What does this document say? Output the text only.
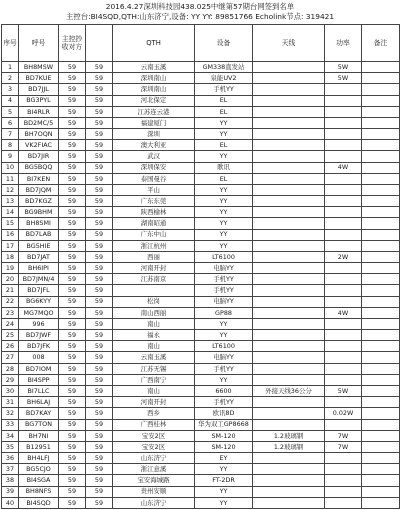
2016.4.27深圳科技园438.025中继第57期台网签到名单
主控台:BI4SQD,QTH:山东济宁,设备: YY YY: 89851766 Echolink节点: 319421
序号	呼号	主控抄收对方		QTH	设备	天线	功率	备注
1	BH8MSW	59	59	云南玉溪	GM338直发站		5W	
2	BD7KUE	59	59	深圳南山	泉能UV2		5W	
3	BD7JJL	59	59	深圳南山	手机YY			
4	BG3PYL	59	59	河北保定	EL			
5	BI4RLR	59	59	江苏连云港	EL			
6	BD2MC/5	59	59	福建厦门	YY			
7	BH7OQN	59	59	深圳	YY			
8	VK2FIAC	59	59	澳大利亚	EL			
9	BD7JIR	59	59	武汉	YY			
10	BG5BQQ	59	59	深圳保安	歌讯		4W	
11	BI7KEN	59	59	泰国曼谷	EL			
12	BD7JQM	59	59	平山	YY			
13	BD7KGZ	59	59	广东东莞	YY			
14	BG9BHM	59	59	陕西榆林	YY			
15	BH8SMI	59	59	湖南昭通	YY			
16	BD7LAB	59	59	广东中山	YY			
17	BG5HIE	59	59	浙江杭州	YY			
18	BD7JAT	59	59	西丽	LT6100		2W	
19	BH6IPI	59	59	河南开封	电脑YY			
20	BD7JMN/4	59	59	江苏南京	手机YY			
21	BD7JFL	59	59		手机YY			
22	BG6KYY	59	59	松岗	电脑YY			
23	MG7MQO	59	59	南山西丽	GP88		4W	
24	996	59	59	南山	YY			
25	BD7JWF	59	59	福永	YY			
26	BD7JFK	59	59	南山	LT6100			
27	008	59	59	云南玉溪	电脑YY			
28	BD7IOM	59	59	江苏无锡	手机YY			
29	BI4SPP	59	59	广西南宁	YY			
30	BI7LLC	59	59	南山	6600	外接天线36公分	5W	
31	BH6LAJ	59	59	河南开封	手机YY			
32	BD7KAY	59	59	西乡	欧讯8D		0.02W	
33	BG7TON	59	59	广西桂林	华为双工GP8668			
34	BH7NI	59	59	宝安2区	SM-120	1.2玻璃钢	7W	
35	B12951	59	59	宝安2区	SM-120	1.2玻璃钢	7W	
36	BH4LFJ	59	59	山东济宁	EY			
37	BG5CJO	59	59	浙江意溪	YY			
38	BI4SGA	59	59	宝安海城路	FT-2DR			
39	BH8NFS	59	59	贵州安顺	YY			
40	BI4SQD	59	59	山东济宁	YY			
